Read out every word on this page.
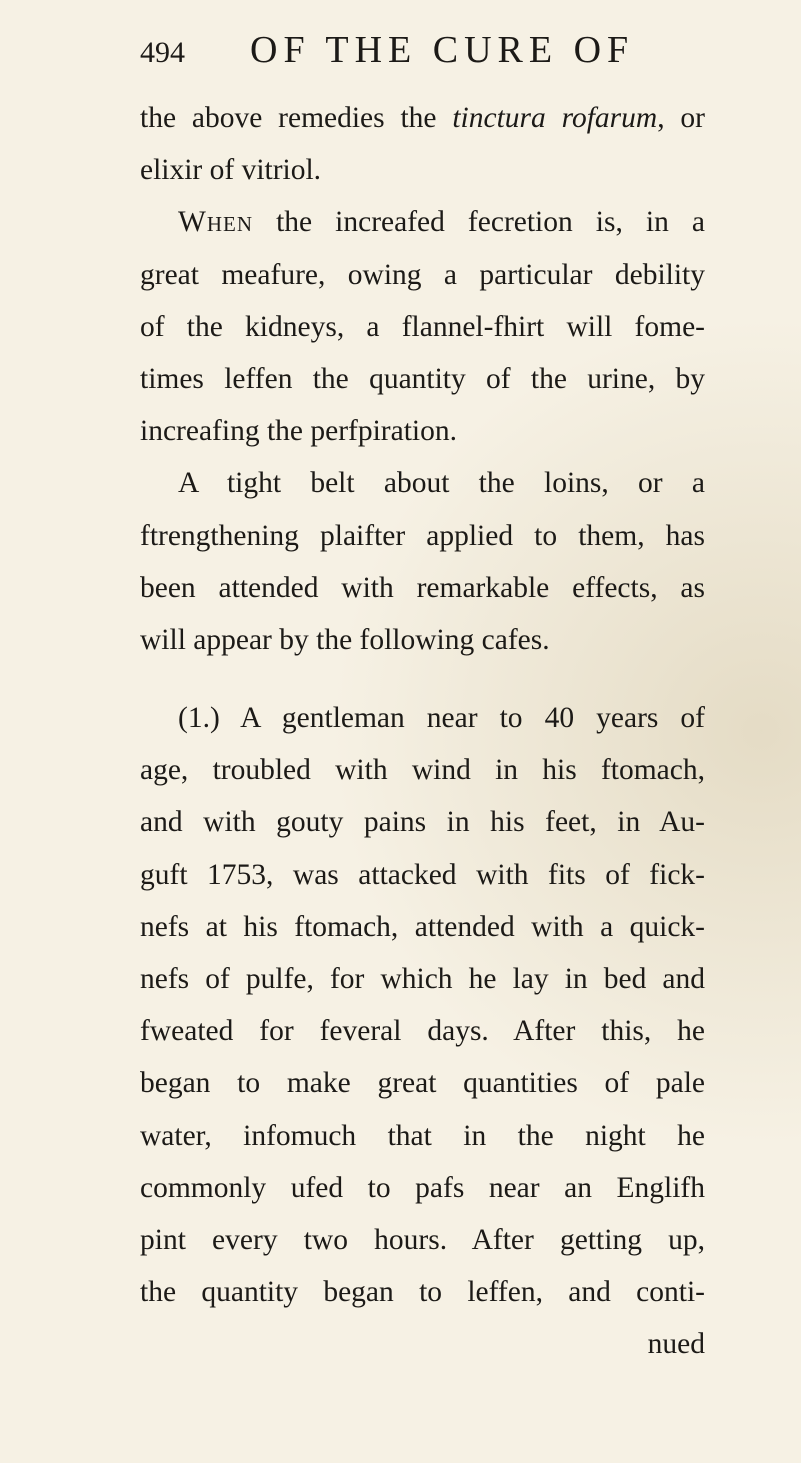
494 OF THE CURE OF
the above remedies the tinctura rofarum, or
elixir of vitriol.
When the increafed fecretion is, in a
great meafure, owing a particular debility
of the kidneys, a flannel-fhirt will fome-
times leffen the quantity of the urine, by
increafing the perfpiration.
A tight belt about the loins, or a
ftrengthening plaifter applied to them, has
been attended with remarkable effects, as
will appear by the following cafes.
(1.) A gentleman near to 40 years of
age, troubled with wind in his ftomach,
and with gouty pains in his feet, in Au-
guft 1753, was attacked with fits of fick-
nefs at his ftomach, attended with a quick-
nefs of pulfe, for which he lay in bed and
fweated for feveral days. After this, he
began to make great quantities of pale
water, infomuch that in the night he
commonly ufed to pafs near an Englifh
pint every two hours. After getting up,
the quantity began to leffen, and conti-
nued
